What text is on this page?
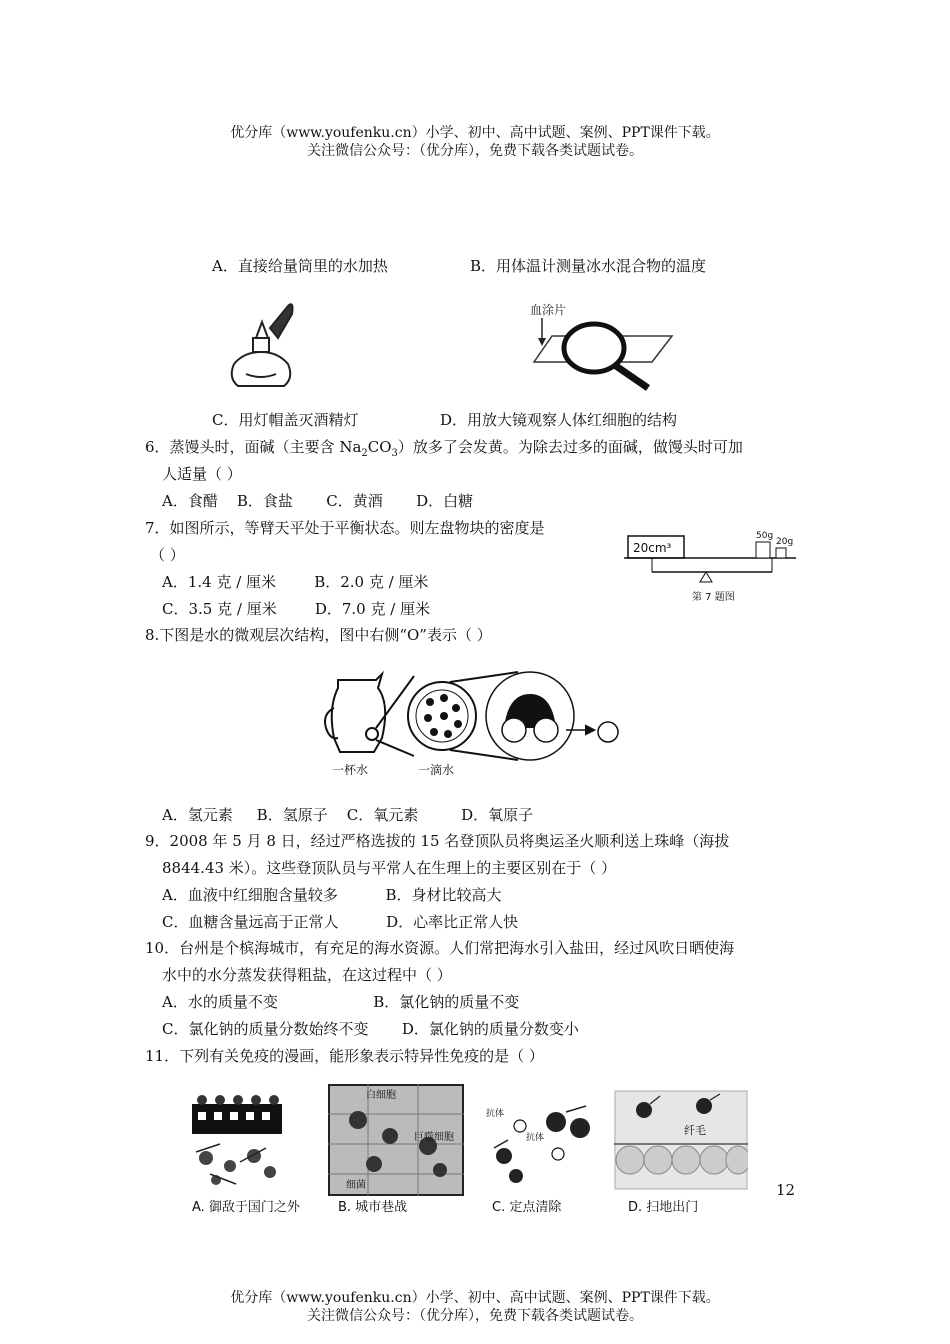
优分库（www.youfenku.cn）小学、初中、高中试题、案例、PPT课件下载。
关注微信公众号：（优分库），免费下载各类试题试卷。
A．直接给量筒里的水加热	B．用体温计测量冰水混合物的温度
血涂片
C．用灯帽盖灭酒精灯	D．用放大镜观察人体红细胞的结构
6．蒸馒头时，面碱（主要含 $Na_2CO_3$）放多了会发黄。为除去过多的面碱，做馒头时可加
人适量（ ）
A．食醋    B．食盐       C．黄酒       D．白糖
7．如图所示，等臂天平处于平衡状态。则左盘物块的密度是
（ ）
A．1.4 克 / 厘米        B．2.0 克 / 厘米
C．3.5 克 / 厘米        D．7.0 克 / 厘米
20cm³
50g
20g
第 7 题图
8.下图是水的微观层次结构，图中右侧“O”表示（ ）
一杯水	一滴水
A．氢元素     B．氢原子    C．氧元素         D．氧原子
9．2008 年 5 月 8 日，经过严格选拔的 15 名登顶队员将奥运圣火顺利送上珠峰（海拔
8844.43 米）。这些登顶队员与平常人在生理上的主要区别在于（ ）
A．血液中红细胞含量较多          B．身材比较高大
C．血糖含量远高于正常人          D．心率比正常人快
10．台州是个槟海城市，有充足的海水资源。人们常把海水引入盐田，经过风吹日晒使海
水中的水分蒸发获得粗盐，在这过程中（ ）
A．水的质量不变                    B．氯化钠的质量不变
C．氯化钠的质量分数始终不变       D．氯化钠的质量分数变小
11．下列有关免疫的漫画，能形象表示特异性免疫的是（ ）
A. 御敌于国门之外
白细胞
巨噬细胞
细菌
B. 城市巷战
抗体
抗体
C. 定点清除
纤毛
D. 扫地出门
12
优分库（www.youfenku.cn）小学、初中、高中试题、案例、PPT课件下载。
关注微信公众号：（优分库），免费下载各类试题试卷。
